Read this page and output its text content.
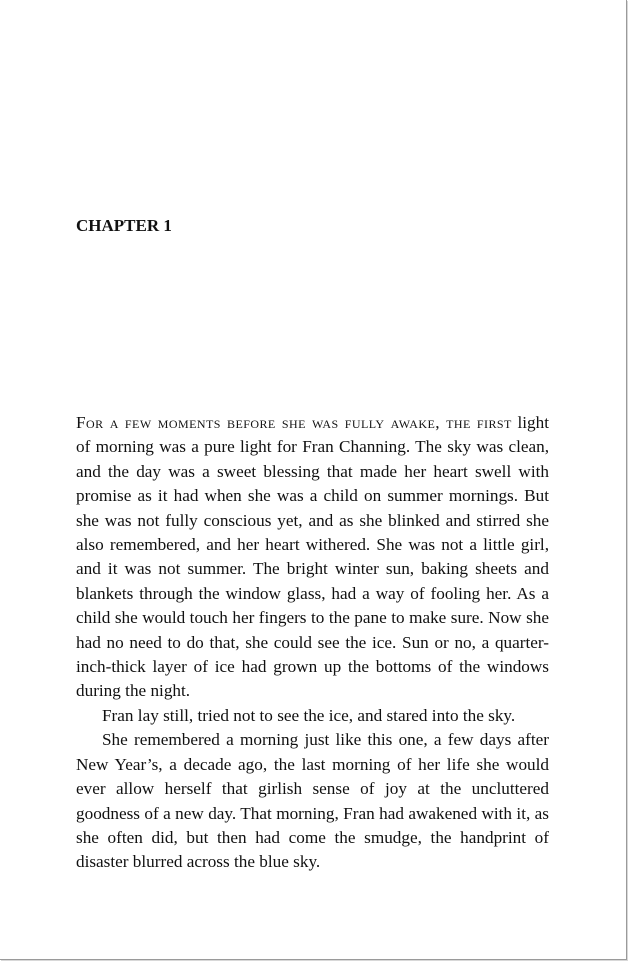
CHAPTER 1

For a few moments before she was fully awake, the first light of morning was a pure light for Fran Channing. The sky was clean, and the day was a sweet blessing that made her heart swell with promise as it had when she was a child on summer mornings. But she was not fully conscious yet, and as she blinked and stirred she also remembered, and her heart withered. She was not a little girl, and it was not summer. The bright winter sun, baking sheets and blankets through the window glass, had a way of fooling her. As a child she would touch her fingers to the pane to make sure. Now she had no need to do that, she could see the ice. Sun or no, a quarter-inch-thick layer of ice had grown up the bottoms of the windows during the night.

Fran lay still, tried not to see the ice, and stared into the sky.

She remembered a morning just like this one, a few days after New Year’s, a decade ago, the last morning of her life she would ever allow herself that girlish sense of joy at the uncluttered goodness of a new day. That morning, Fran had awakened with it, as she often did, but then had come the smudge, the handprint of disaster blurred across the blue sky.
